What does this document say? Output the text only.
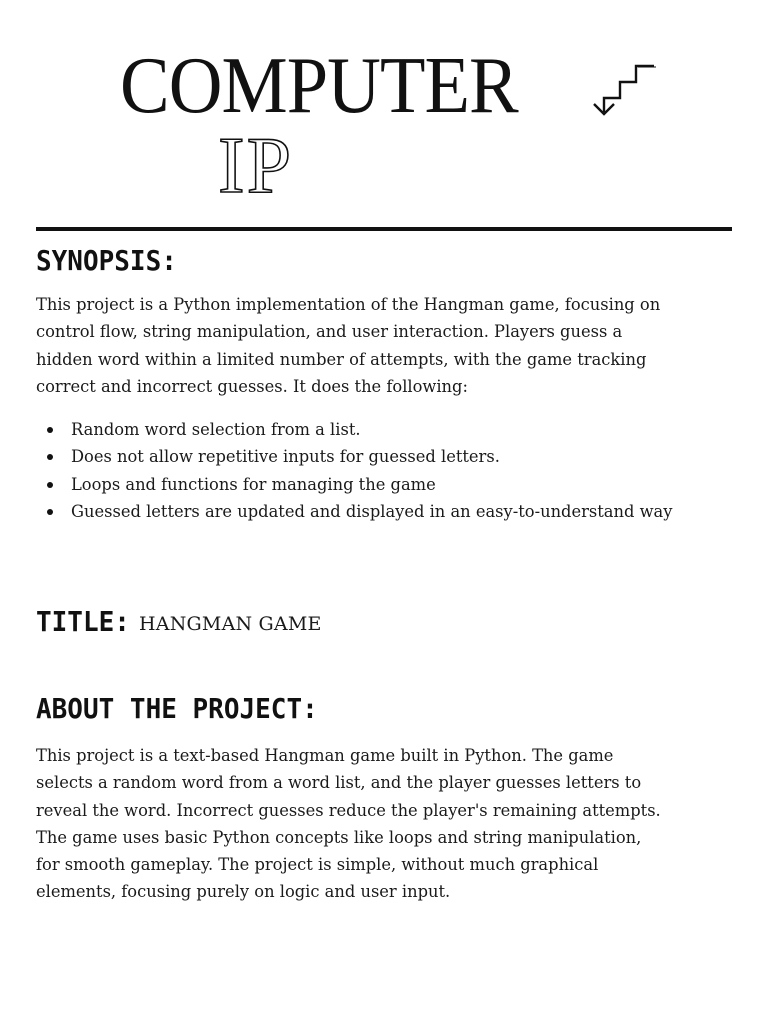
COMPUTER
IP
SYNOPSIS:

This project is a Python implementation of the Hangman game, focusing on
control flow, string manipulation, and user interaction. Players guess a
hidden word within a limited number of attempts, with the game tracking
correct and incorrect guesses. It does the following:

Random word selection from a list.
Does not allow repetitive inputs for guessed letters.
Loops and functions for managing the game
Guessed letters are updated and displayed in an easy-to-understand way
TITLE: HANGMAN GAME
ABOUT THE PROJECT:

This project is a text-based Hangman game built in Python. The game
selects a random word from a word list, and the player guesses letters to
reveal the word. Incorrect guesses reduce the player's remaining attempts.
The game uses basic Python concepts like loops and string manipulation,
for smooth gameplay. The project is simple, without much graphical
elements, focusing purely on logic and user input.
